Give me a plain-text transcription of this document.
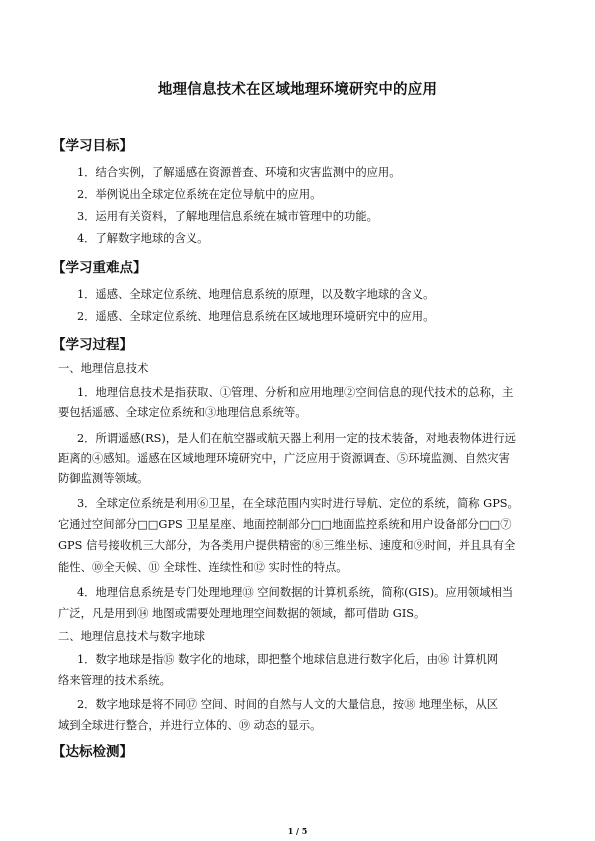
地理信息技术在区域地理环境研究中的应用
【学习目标】
1．结合实例，了解遥感在资源普查、环境和灾害监测中的应用。
2．举例说出全球定位系统在定位导航中的应用。
3．运用有关资料，了解地理信息系统在城市管理中的功能。
4．了解数字地球的含义。
【学习重难点】
1．遥感、全球定位系统、地理信息系统的原理，以及数字地球的含义。
2．遥感、全球定位系统、地理信息系统在区域地理环境研究中的应用。
【学习过程】
一、地理信息技术
1．地理信息技术是指获取、①管理、分析和应用地理②空间信息的现代技术的总称，主
要包括遥感、全球定位系统和③地理信息系统等。
2．所谓遥感(RS)，是人们在航空器或航天器上利用一定的技术装备，对地表物体进行远
距离的④感知。遥感在区域地理环境研究中，广泛应用于资源调查、⑤环境监测、自然灾害
防御监测等领域。
3．全球定位系统是利用⑥卫星，在全球范围内实时进行导航、定位的系统，简称 GPS。
它通过空间部分□□GPS 卫星星座、地面控制部分□□地面监控系统和用户设备部分□□⑦
GPS 信号接收机三大部分，为各类用户提供精密的⑧三维坐标、速度和⑨时间，并且具有全
能性、⑩全天候、⑪ 全球性、连续性和⑫ 实时性的特点。
4．地理信息系统是专门处理地理⑬ 空间数据的计算机系统，简称(GIS)。应用领域相当
广泛，凡是用到⑭ 地图或需要处理地理空间数据的领域，都可借助 GIS。
二、地理信息技术与数字地球
1．数字地球是指⑮ 数字化的地球，即把整个地球信息进行数字化后，由⑯ 计算机网
络来管理的技术系统。
2．数字地球是将不同⑰ 空间、时间的自然与人文的大量信息，按⑱ 地理坐标，从区
域到全球进行整合，并进行立体的、⑲ 动态的显示。
【达标检测】
1 / 5
